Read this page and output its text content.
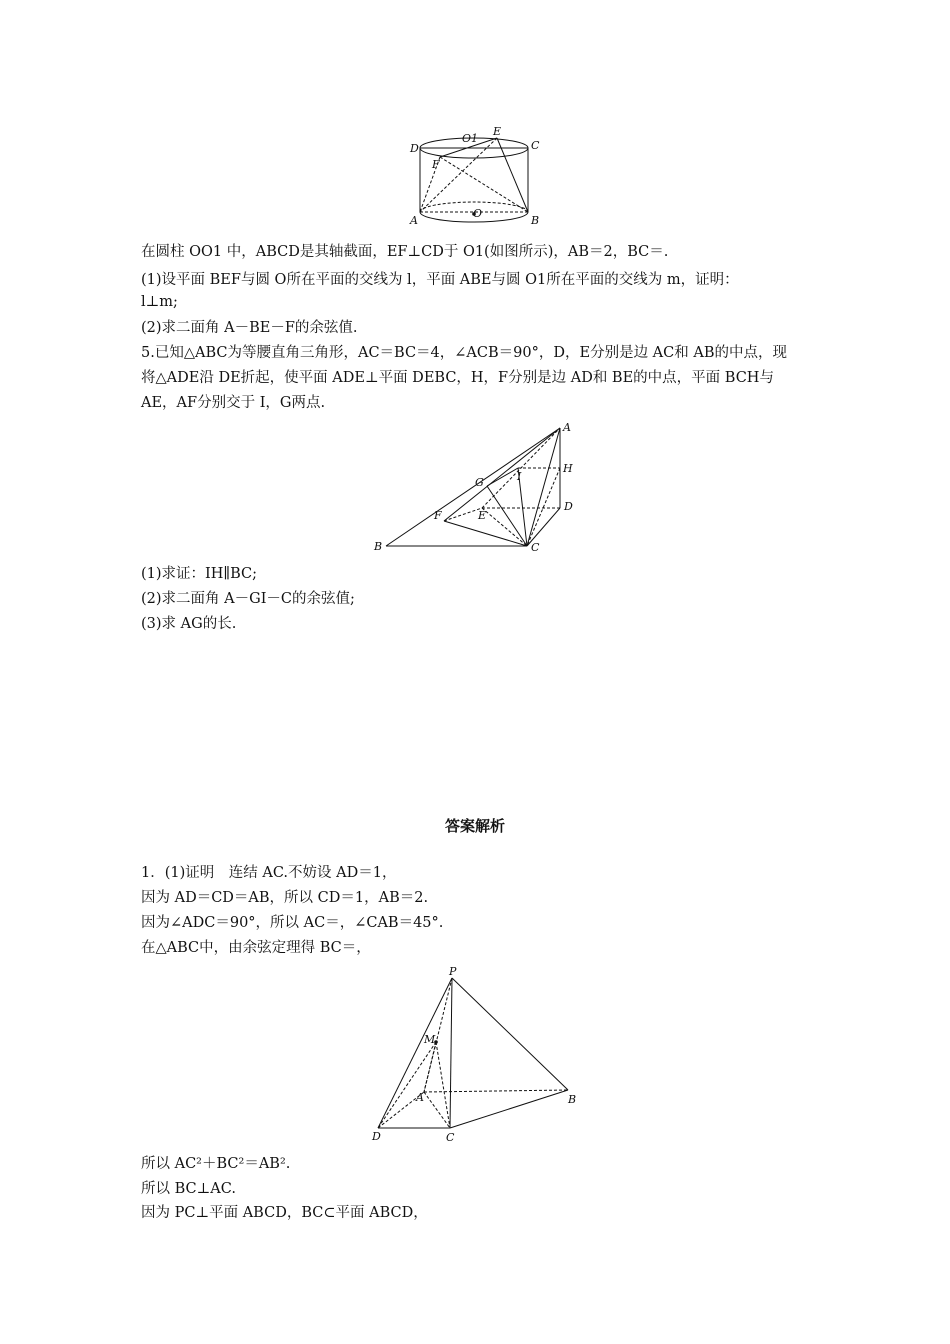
D
O1
E
C
F
A
O
B
在圆柱 OO1 中，ABCD是其轴截面，EF⊥CD于 O1(如图所示)，AB＝2，BC＝.
(1)设平面 BEF与圆 O所在平面的交线为 l，平面 ABE与圆 O1所在平面的交线为 m，证明：
l⊥m;
(2)求二面角 A－BE－F的余弦值.
5.已知△ABC为等腰直角三角形，AC＝BC＝4，∠ACB＝90°，D，E分别是边 AC和 AB的中点，现
将△ADE沿 DE折起，使平面 ADE⊥平面 DEBC，H，F分别是边 AD和 BE的中点，平面 BCH与
AE，AF分别交于 I，G两点.
A
H
G	I
D
F	E
B	C
(1)求证：IH∥BC;
(2)求二面角 A－GI－C的余弦值;
(3)求 AG的长.
答案解析
1．(1)证明　连结 AC.不妨设 AD＝1，
因为 AD＝CD＝AB，所以 CD＝1，AB＝2.
因为∠ADC＝90°，所以 AC＝，∠CAB＝45°.
在△ABC中，由余弦定理得 BC＝，
P
M
A	B
D	C
所以 AC²＋BC²＝AB².
所以 BC⊥AC.
因为 PC⊥平面 ABCD，BC⊂平面 ABCD，
